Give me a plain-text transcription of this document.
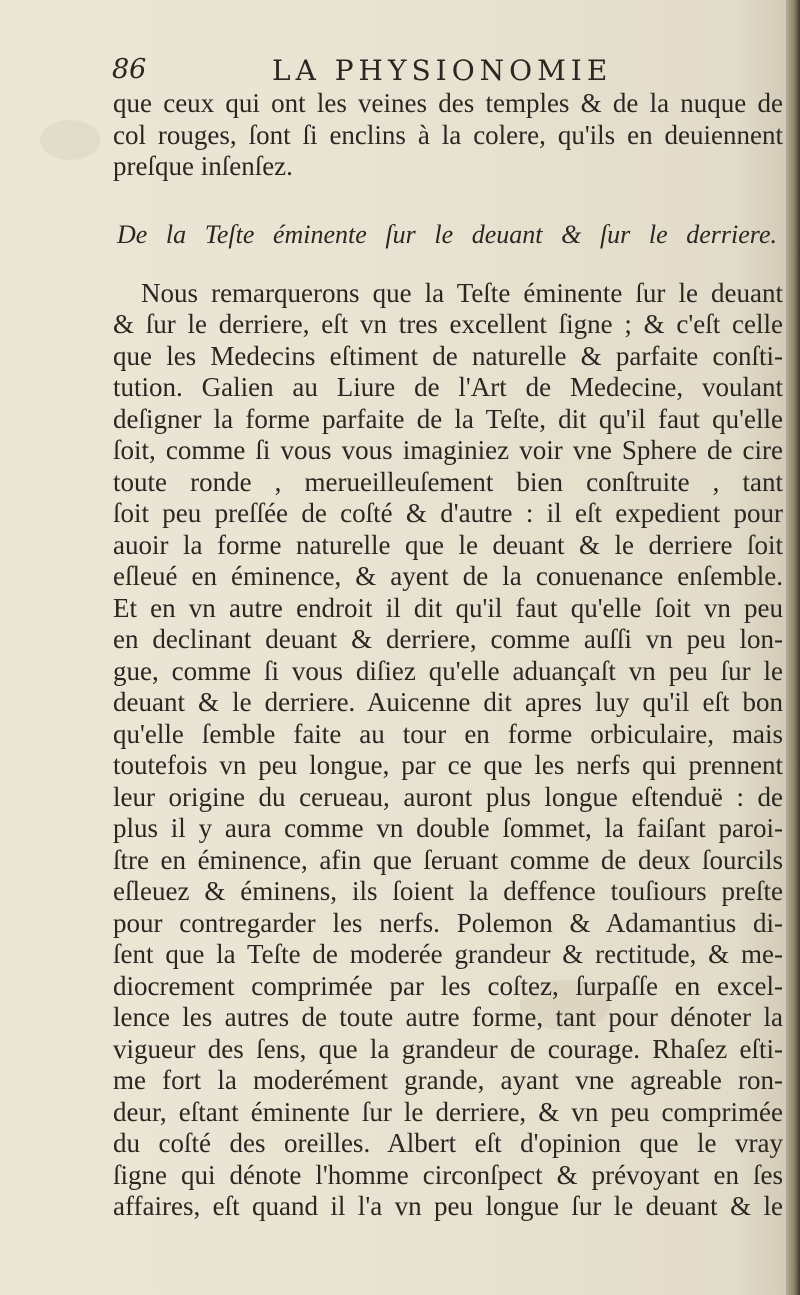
86	LA PHYSIONOMIE
que ceux qui ont les veines des temples & de la nuque de
col rouges, ſont ſi enclins à la colere, qu'ils en deuiennent
preſque inſenſez.
De la Teſte éminente ſur le deuant & ſur le derriere.
Nous remarquerons que la Teſte éminente ſur le deuant
& ſur le derriere, eſt vn tres excellent ſigne ; & c'eſt celle
que les Medecins eſtiment de naturelle & parfaite conſti-
tution. Galien au Liure de l'Art de Medecine, voulant
deſigner la forme parfaite de la Teſte, dit qu'il faut qu'elle
ſoit, comme ſi vous vous imaginiez voir vne Sphere de cire
toute ronde , merueilleuſement bien conſtruite , tant
ſoit peu preſſée de coſté & d'autre : il eſt expedient pour
auoir la forme naturelle que le deuant & le derriere ſoit
eſleué en éminence, & ayent de la conuenance enſemble.
Et en vn autre endroit il dit qu'il faut qu'elle ſoit vn peu
en declinant deuant & derriere, comme auſſi vn peu lon-
gue, comme ſi vous diſiez qu'elle aduançaſt vn peu ſur le
deuant & le derriere. Auicenne dit apres luy qu'il eſt bon
qu'elle ſemble faite au tour en forme orbiculaire, mais
toutefois vn peu longue, par ce que les nerfs qui prennent
leur origine du cerueau, auront plus longue eſtenduë : de
plus il y aura comme vn double ſommet, la faiſant paroi-
ſtre en éminence, afin que ſeruant comme de deux ſourcils
eſleuez & éminens, ils ſoient la deffence touſiours preſte
pour contregarder les nerfs. Polemon & Adamantius di-
ſent que la Teſte de moderée grandeur & rectitude, & me-
diocrement comprimée par les coſtez, ſurpaſſe en excel-
lence les autres de toute autre forme, tant pour dénoter la
vigueur des ſens, que la grandeur de courage. Rhaſez eſti-
me fort la moderément grande, ayant vne agreable ron-
deur, eſtant éminente ſur le derriere, & vn peu comprimée
du coſté des oreilles. Albert eſt d'opinion que le vray
ſigne qui dénote l'homme circonſpect & prévoyant en ſes
affaires, eſt quand il l'a vn peu longue ſur le deuant & le
